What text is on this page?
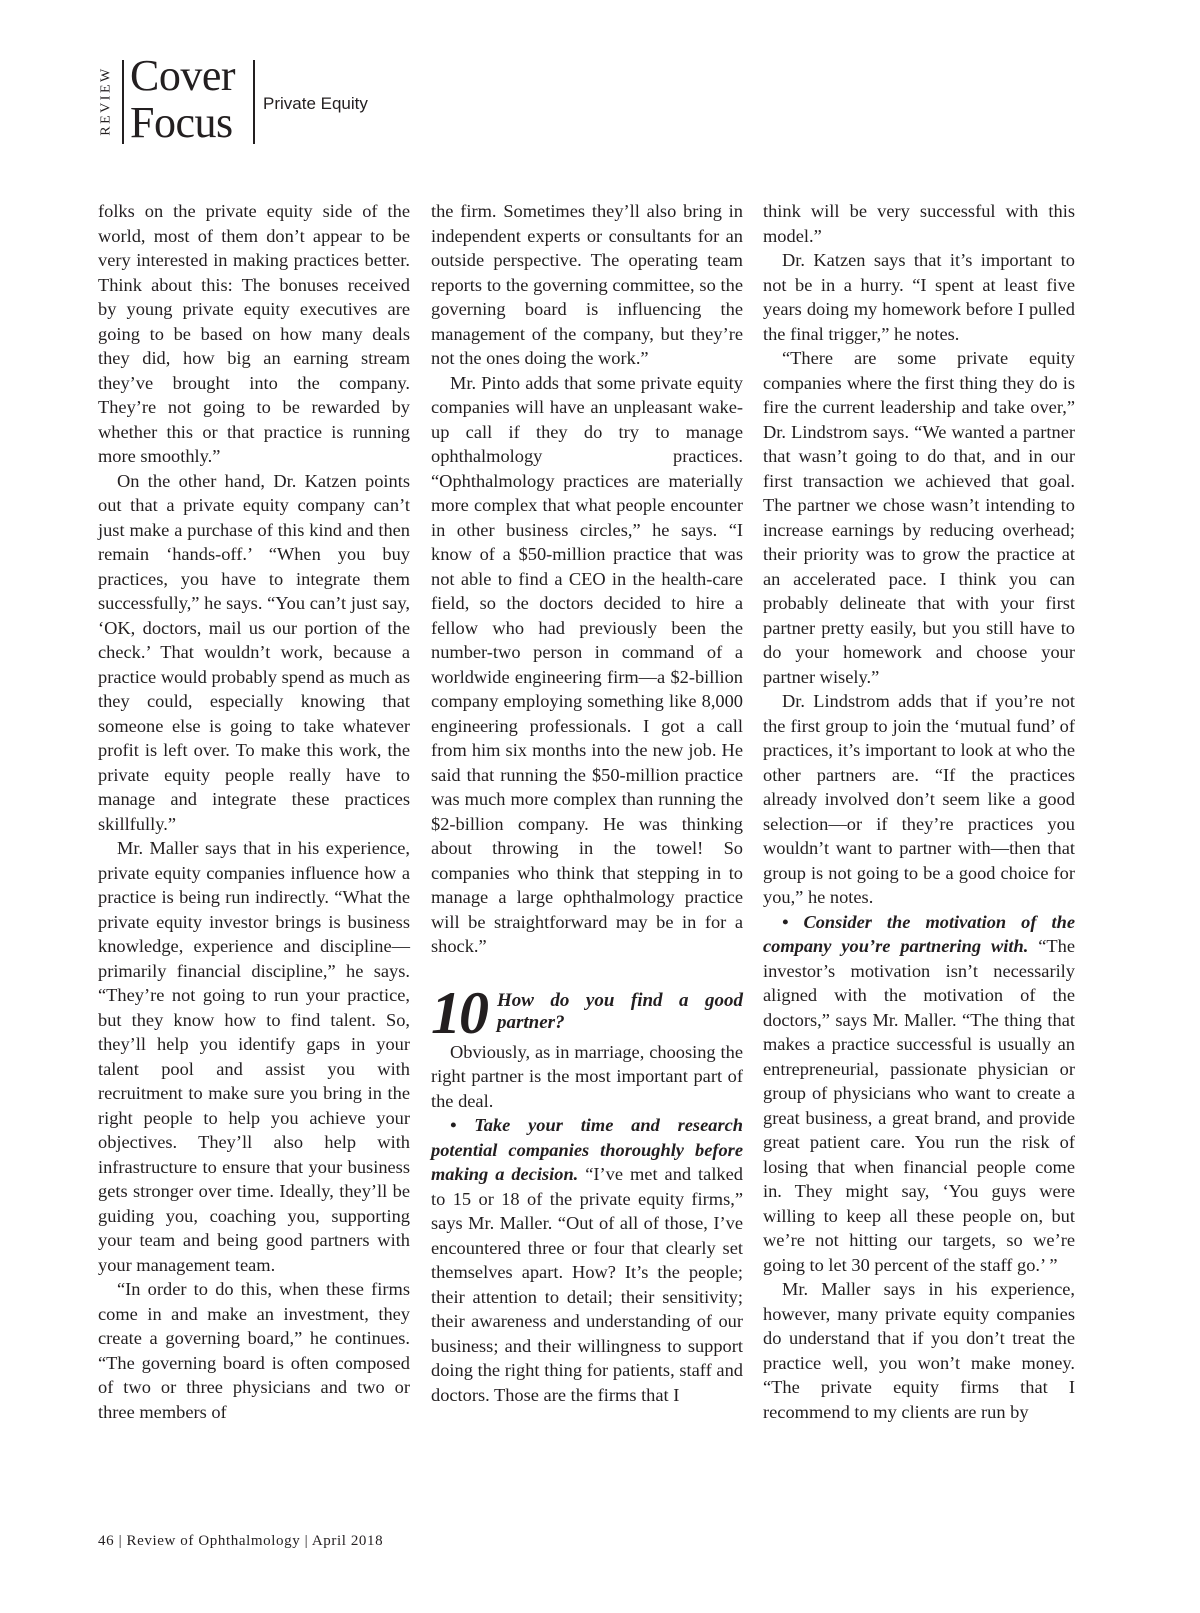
REVIEW Cover
Focus Private Equity

folks on the private equity side of the world, most of them don’t appear to be very interested in making practices better. Think about this: The bonuses received by young private equity executives are going to be based on how many deals they did, how big an earning stream they’ve brought into the company. They’re not going to be rewarded by whether this or that practice is running more smoothly.”

On the other hand, Dr. Katzen points out that a private equity company can’t just make a purchase of this kind and then remain ‘hands-off.’ “When you buy practices, you have to integrate them successfully,” he says. “You can’t just say, ‘OK, doctors, mail us our portion of the check.’ That wouldn’t work, because a practice would probably spend as much as they could, especially knowing that someone else is going to take whatever profit is left over. To make this work, the private equity people really have to manage and integrate these practices skillfully.”

Mr. Maller says that in his experience, private equity companies influence how a practice is being run indirectly. “What the private equity investor brings is business knowledge, experience and discipline—primarily financial discipline,” he says. “They’re not going to run your practice, but they know how to find talent. So, they’ll help you identify gaps in your talent pool and assist you with recruitment to make sure you bring in the right people to help you achieve your objectives. They’ll also help with infrastructure to ensure that your business gets stronger over time. Ideally, they’ll be guiding you, coaching you, supporting your team and being good partners with your management team.

“In order to do this, when these firms come in and make an investment, they create a governing board,” he continues. “The governing board is often composed of two or three physicians and two or three members of

the firm. Sometimes they’ll also bring in independent experts or consultants for an outside perspective. The operating team reports to the governing committee, so the governing board is influencing the management of the company, but they’re not the ones doing the work.”

Mr. Pinto adds that some private equity companies will have an unpleasant wake-up call if they do try to manage ophthalmology practices. “Ophthalmology practices are materially more complex that what people encounter in other business circles,” he says. “I know of a $50-million practice that was not able to find a CEO in the health-care field, so the doctors decided to hire a fellow who had previously been the number-two person in command of a worldwide engineering firm—a $2-billion company employing something like 8,000 engineering professionals. I got a call from him six months into the new job. He said that running the $50-million practice was much more complex than running the $2-billion company. He was thinking about throwing in the towel! So companies who think that stepping in to manage a large ophthalmology practice will be straightforward may be in for a shock.”

10 How do you find a good partner?

Obviously, as in marriage, choosing the right partner is the most important part of the deal.

• Take your time and research potential companies thoroughly before making a decision. “I’ve met and talked to 15 or 18 of the private equity firms,” says Mr. Maller. “Out of all of those, I’ve encountered three or four that clearly set themselves apart. How? It’s the people; their attention to detail; their sensitivity; their awareness and understanding of our business; and their willingness to support doing the right thing for patients, staff and doctors. Those are the firms that I

think will be very successful with this model.”

Dr. Katzen says that it’s important to not be in a hurry. “I spent at least five years doing my homework before I pulled the final trigger,” he notes.

“There are some private equity companies where the first thing they do is fire the current leadership and take over,” Dr. Lindstrom says. “We wanted a partner that wasn’t going to do that, and in our first transaction we achieved that goal. The partner we chose wasn’t intending to increase earnings by reducing overhead; their priority was to grow the practice at an accelerated pace. I think you can probably delineate that with your first partner pretty easily, but you still have to do your homework and choose your partner wisely.”

Dr. Lindstrom adds that if you’re not the first group to join the ‘mutual fund’ of practices, it’s important to look at who the other partners are. “If the practices already involved don’t seem like a good selection—or if they’re practices you wouldn’t want to partner with—then that group is not going to be a good choice for you,” he notes.

• Consider the motivation of the company you’re partnering with. “The investor’s motivation isn’t necessarily aligned with the motivation of the doctors,” says Mr. Maller. “The thing that makes a practice successful is usually an entrepreneurial, passionate physician or group of physicians who want to create a great business, a great brand, and provide great patient care. You run the risk of losing that when financial people come in. They might say, ‘You guys were willing to keep all these people on, but we’re not hitting our targets, so we’re going to let 30 percent of the staff go.’ ”

Mr. Maller says in his experience, however, many private equity companies do understand that if you don’t treat the practice well, you won’t make money. “The private equity firms that I recommend to my clients are run by

46 | Review of Ophthalmology | April 2018
